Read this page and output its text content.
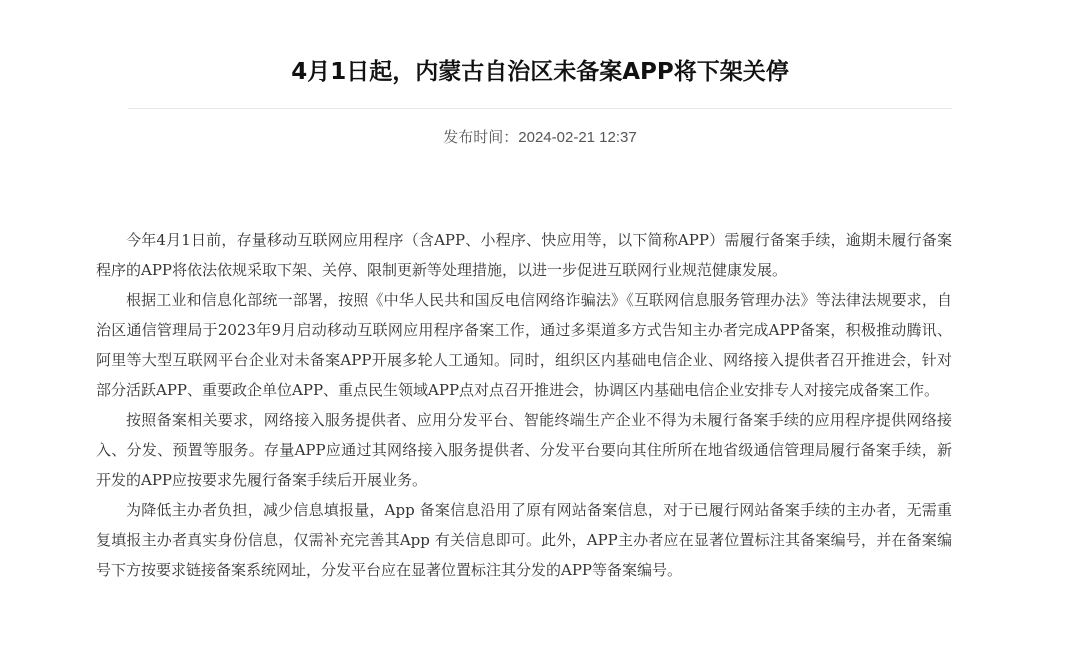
4月1日起，内蒙古自治区未备案APP将下架关停
发布时间：2024-02-21 12:37

今年4月1日前，存量移动互联网应用程序（含APP、小程序、快应用等，以下简称APP）需履行备案手续，逾期未履行备案程序的APP将依法依规采取下架、关停、限制更新等处理措施，以进一步促进互联网行业规范健康发展。

根据工业和信息化部统一部署，按照《中华人民共和国反电信网络诈骗法》《互联网信息服务管理办法》等法律法规要求，自治区通信管理局于2023年9月启动移动互联网应用程序备案工作，通过多渠道多方式告知主办者完成APP备案，积极推动腾讯、阿里等大型互联网平台企业对未备案APP开展多轮人工通知。同时，组织区内基础电信企业、网络接入提供者召开推进会，针对部分活跃APP、重要政企单位APP、重点民生领域APP点对点召开推进会，协调区内基础电信企业安排专人对接完成备案工作。

按照备案相关要求，网络接入服务提供者、应用分发平台、智能终端生产企业不得为未履行备案手续的应用程序提供网络接入、分发、预置等服务。存量APP应通过其网络接入服务提供者、分发平台要向其住所所在地省级通信管理局履行备案手续，新开发的APP应按要求先履行备案手续后开展业务。

为降低主办者负担，减少信息填报量，App 备案信息沿用了原有网站备案信息，对于已履行网站备案手续的主办者，无需重复填报主办者真实身份信息，仅需补充完善其App 有关信息即可。此外，APP主办者应在显著位置标注其备案编号，并在备案编号下方按要求链接备案系统网址，分发平台应在显著位置标注其分发的APP等备案编号。
